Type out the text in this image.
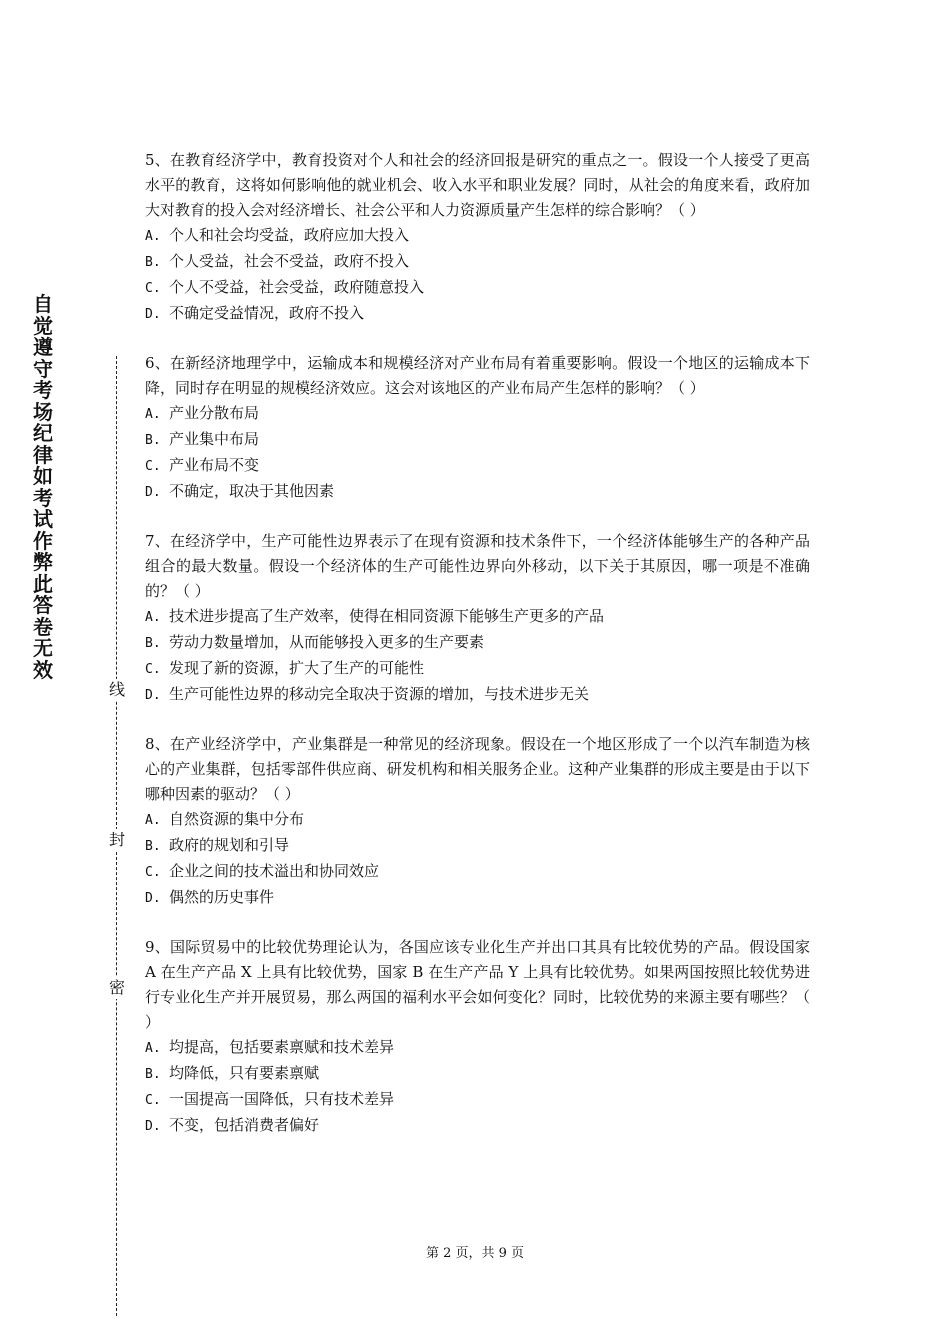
自觉遵守考场纪律如考试作弊此答卷无效
线
封
密

5、在教育经济学中，教育投资对个人和社会的经济回报是研究的重点之一。假设一个人接受了更高水平的教育，这将如何影响他的就业机会、收入水平和职业发展？同时，从社会的角度来看，政府加大对教育的投入会对经济增长、社会公平和人力资源质量产生怎样的综合影响？（ ）

A. 个人和社会均受益，政府应加大投入

B. 个人受益，社会不受益，政府不投入

C. 个人不受益，社会受益，政府随意投入

D. 不确定受益情况，政府不投入

6、在新经济地理学中，运输成本和规模经济对产业布局有着重要影响。假设一个地区的运输成本下降，同时存在明显的规模经济效应。这会对该地区的产业布局产生怎样的影响？（ ）

A. 产业分散布局

B. 产业集中布局

C. 产业布局不变

D. 不确定，取决于其他因素

7、在经济学中，生产可能性边界表示了在现有资源和技术条件下，一个经济体能够生产的各种产品组合的最大数量。假设一个经济体的生产可能性边界向外移动，以下关于其原因，哪一项是不准确的？（ ）

A. 技术进步提高了生产效率，使得在相同资源下能够生产更多的产品

B. 劳动力数量增加，从而能够投入更多的生产要素

C. 发现了新的资源，扩大了生产的可能性

D. 生产可能性边界的移动完全取决于资源的增加，与技术进步无关

8、在产业经济学中，产业集群是一种常见的经济现象。假设在一个地区形成了一个以汽车制造为核心的产业集群，包括零部件供应商、研发机构和相关服务企业。这种产业集群的形成主要是由于以下哪种因素的驱动？（ ）

A. 自然资源的集中分布

B. 政府的规划和引导

C. 企业之间的技术溢出和协同效应

D. 偶然的历史事件

9、国际贸易中的比较优势理论认为，各国应该专业化生产并出口其具有比较优势的产品。假设国家 A 在生产产品 X 上具有比较优势，国家 B 在生产产品 Y 上具有比较优势。如果两国按照比较优势进行专业化生产并开展贸易，那么两国的福利水平会如何变化？同时，比较优势的来源主要有哪些？（ ）

A. 均提高，包括要素禀赋和技术差异

B. 均降低，只有要素禀赋

C. 一国提高一国降低，只有技术差异

D. 不变，包括消费者偏好

第 2 页，共 9 页
